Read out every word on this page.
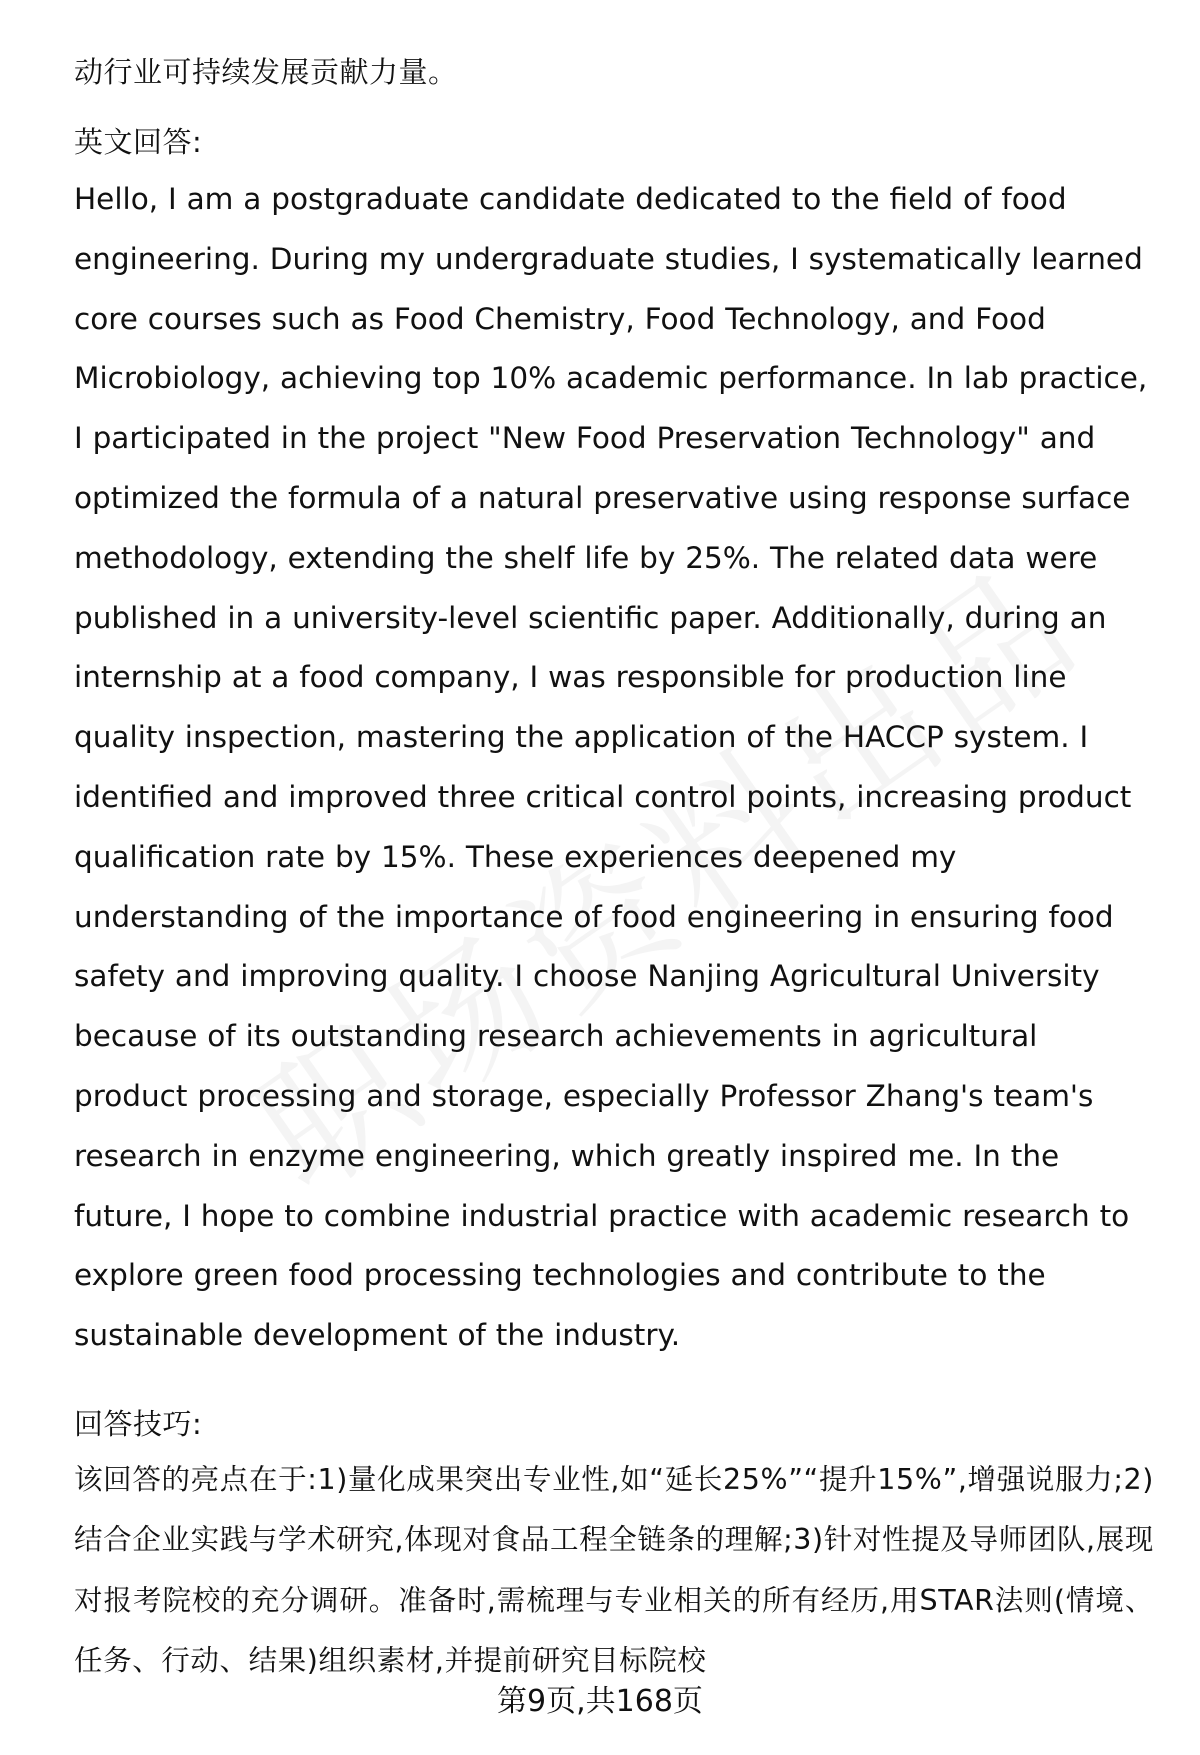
动行业可持续发展贡献力量。

英文回答:

Hello, I am a postgraduate candidate dedicated to the field of food engineering. During my undergraduate studies, I systematically learned core courses such as Food Chemistry, Food Technology, and Food Microbiology, achieving top 10% academic performance. In lab practice, I participated in the project "New Food Preservation Technology" and optimized the formula of a natural preservative using response surface methodology, extending the shelf life by 25%. The related data were published in a university-level scientific paper. Additionally, during an internship at a food company, I was responsible for production line quality inspection, mastering the application of the HACCP system. I identified and improved three critical control points, increasing product qualification rate by 15%. These experiences deepened my understanding of the importance of food engineering in ensuring food safety and improving quality. I choose Nanjing Agricultural University because of its outstanding research achievements in agricultural product processing and storage, especially Professor Zhang's team's research in enzyme engineering, which greatly inspired me. In the future, I hope to combine industrial practice with academic research to explore green food processing technologies and contribute to the sustainable development of the industry.

回答技巧:

该回答的亮点在于:1)量化成果突出专业性,如“延长25%”“提升15%”,增强说服力;2)结合企业实践与学术研究,体现对食品工程全链条的理解;3)针对性提及导师团队,展现对报考院校的充分调研。准备时,需梳理与专业相关的所有经历,用STAR法则(情境、任务、行动、结果)组织素材,并提前研究目标院校

第9页,共168页
